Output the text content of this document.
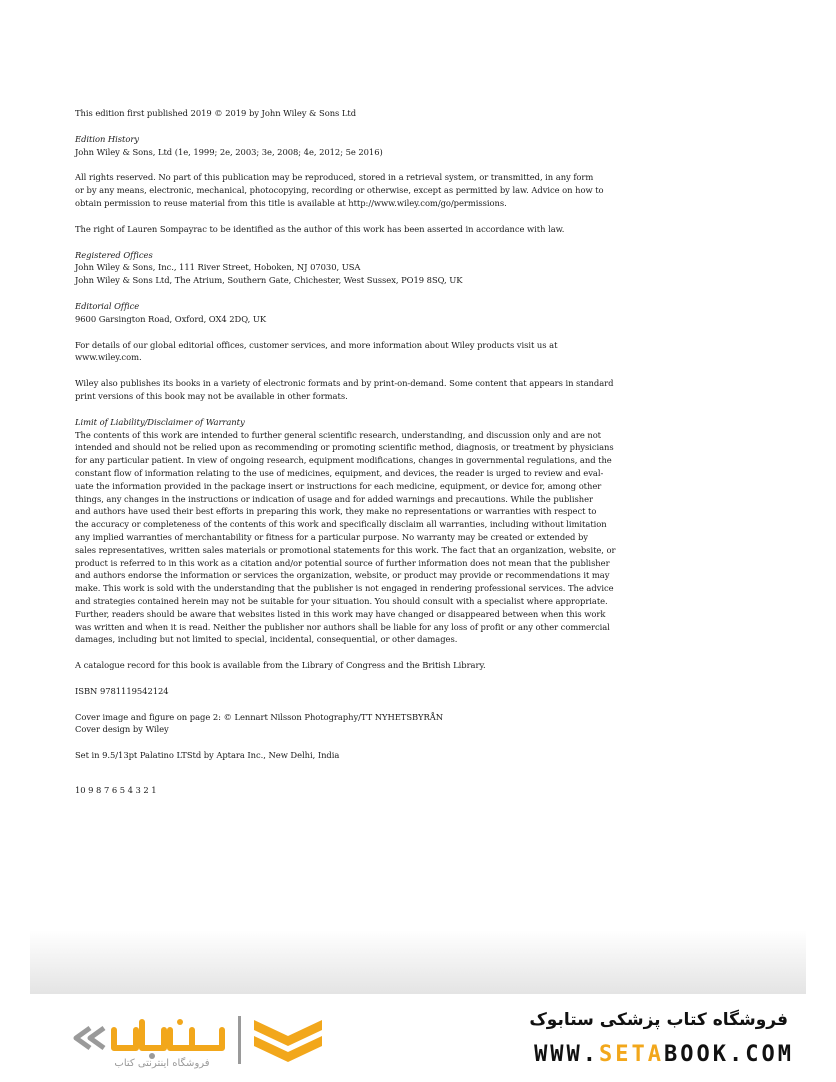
This edition first published 2019 © 2019 by John Wiley & Sons Ltd

Edition History

John Wiley & Sons, Ltd (1e, 1999; 2e, 2003; 3e, 2008; 4e, 2012; 5e 2016)

All rights reserved. No part of this publication may be reproduced, stored in a retrieval system, or transmitted, in any form

or by any means, electronic, mechanical, photocopying, recording or otherwise, except as permitted by law. Advice on how to

obtain permission to reuse material from this title is available at http://www.wiley.com/go/permissions.

The right of Lauren Sompayrac to be identified as the author of this work has been asserted in accordance with law.

Registered Offices

John Wiley & Sons, Inc., 111 River Street, Hoboken, NJ 07030, USA

John Wiley & Sons Ltd, The Atrium, Southern Gate, Chichester, West Sussex, PO19 8SQ, UK

Editorial Office

9600 Garsington Road, Oxford, OX4 2DQ, UK

For details of our global editorial offices, customer services, and more information about Wiley products visit us at

www.wiley.com.

Wiley also publishes its books in a variety of electronic formats and by print-on-demand. Some content that appears in standard

print versions of this book may not be available in other formats.

Limit of Liability/Disclaimer of Warranty

The contents of this work are intended to further general scientific research, understanding, and discussion only and are not

intended and should not be relied upon as recommending or promoting scientific method, diagnosis, or treatment by physicians

for any particular patient. In view of ongoing research, equipment modifications, changes in governmental regulations, and the

constant flow of information relating to the use of medicines, equipment, and devices, the reader is urged to review and eval-

uate the information provided in the package insert or instructions for each medicine, equipment, or device for, among other

things, any changes in the instructions or indication of usage and for added warnings and precautions. While the publisher

and authors have used their best efforts in preparing this work, they make no representations or warranties with respect to

the accuracy or completeness of the contents of this work and specifically disclaim all warranties, including without limitation

any implied warranties of merchantability or fitness for a particular purpose. No warranty may be created or extended by

sales representatives, written sales materials or promotional statements for this work. The fact that an organization, website, or

product is referred to in this work as a citation and/or potential source of further information does not mean that the publisher

and authors endorse the information or services the organization, website, or product may provide or recommendations it may

make. This work is sold with the understanding that the publisher is not engaged in rendering professional services. The advice

and strategies contained herein may not be suitable for your situation. You should consult with a specialist where appropriate.

Further, readers should be aware that websites listed in this work may have changed or disappeared between when this work

was written and when it is read. Neither the publisher nor authors shall be liable for any loss of profit or any other commercial

damages, including but not limited to special, incidental, consequential, or other damages.

A catalogue record for this book is available from the Library of Congress and the British Library.

ISBN 9781119542124

Cover image and figure on page 2: © Lennart Nilsson Photography/TT NYHETSBYRÅN

Cover design by Wiley

Set in 9.5/13pt Palatino LTStd by Aptara Inc., New Delhi, India

10 9 8 7 6 5 4 3 2 1

فروشگاه اینترنتی کتاب
فروشگاه کتاب پزشکی ستابوک
WWW.SETABOOK.COM
